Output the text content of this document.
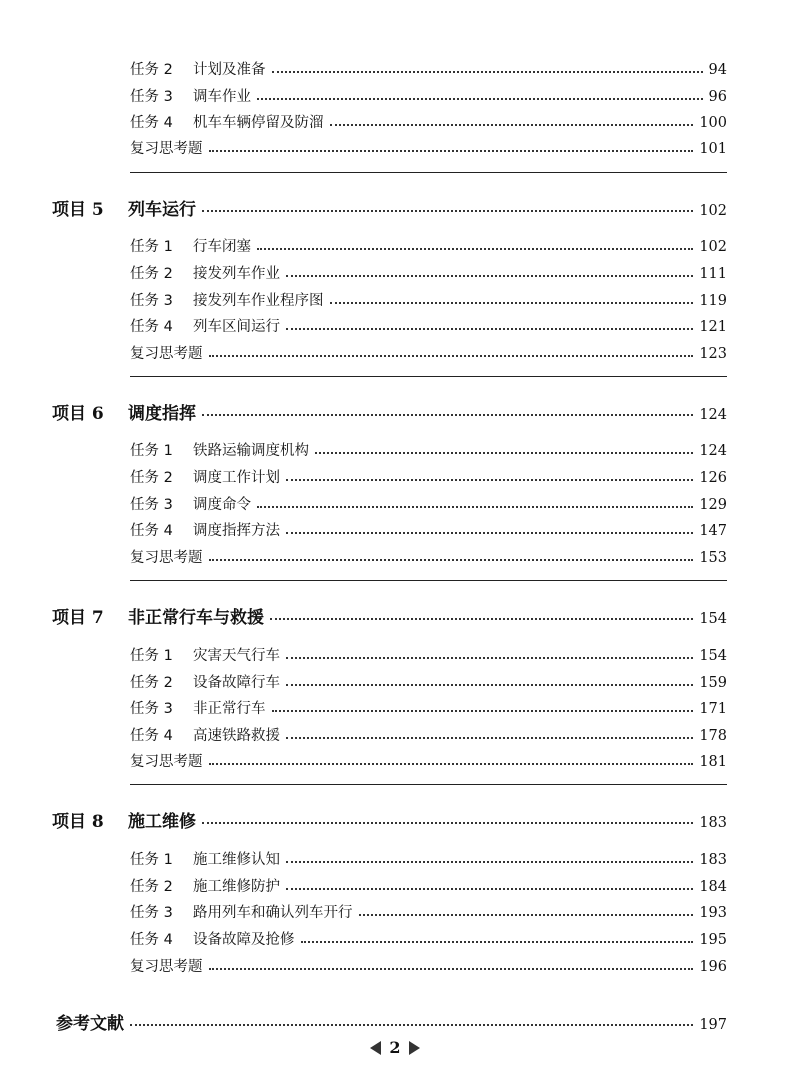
任务 2	计划及准备	94
任务 3	调车作业	96
任务 4	机车车辆停留及防溜	100
复习思考题	101
项目 5	列车运行	102
任务 1	行车闭塞	102
任务 2	接发列车作业	111
任务 3	接发列车作业程序图	119
任务 4	列车区间运行	121
复习思考题	123
项目 6	调度指挥	124
任务 1	铁路运输调度机构	124
任务 2	调度工作计划	126
任务 3	调度命令	129
任务 4	调度指挥方法	147
复习思考题	153
项目 7	非正常行车与救援	154
任务 1	灾害天气行车	154
任务 2	设备故障行车	159
任务 3	非正常行车	171
任务 4	高速铁路救援	178
复习思考题	181
项目 8	施工维修	183
任务 1	施工维修认知	183
任务 2	施工维修防护	184
任务 3	路用列车和确认列车开行	193
任务 4	设备故障及抢修	195
复习思考题	196
参考文献	197
2
